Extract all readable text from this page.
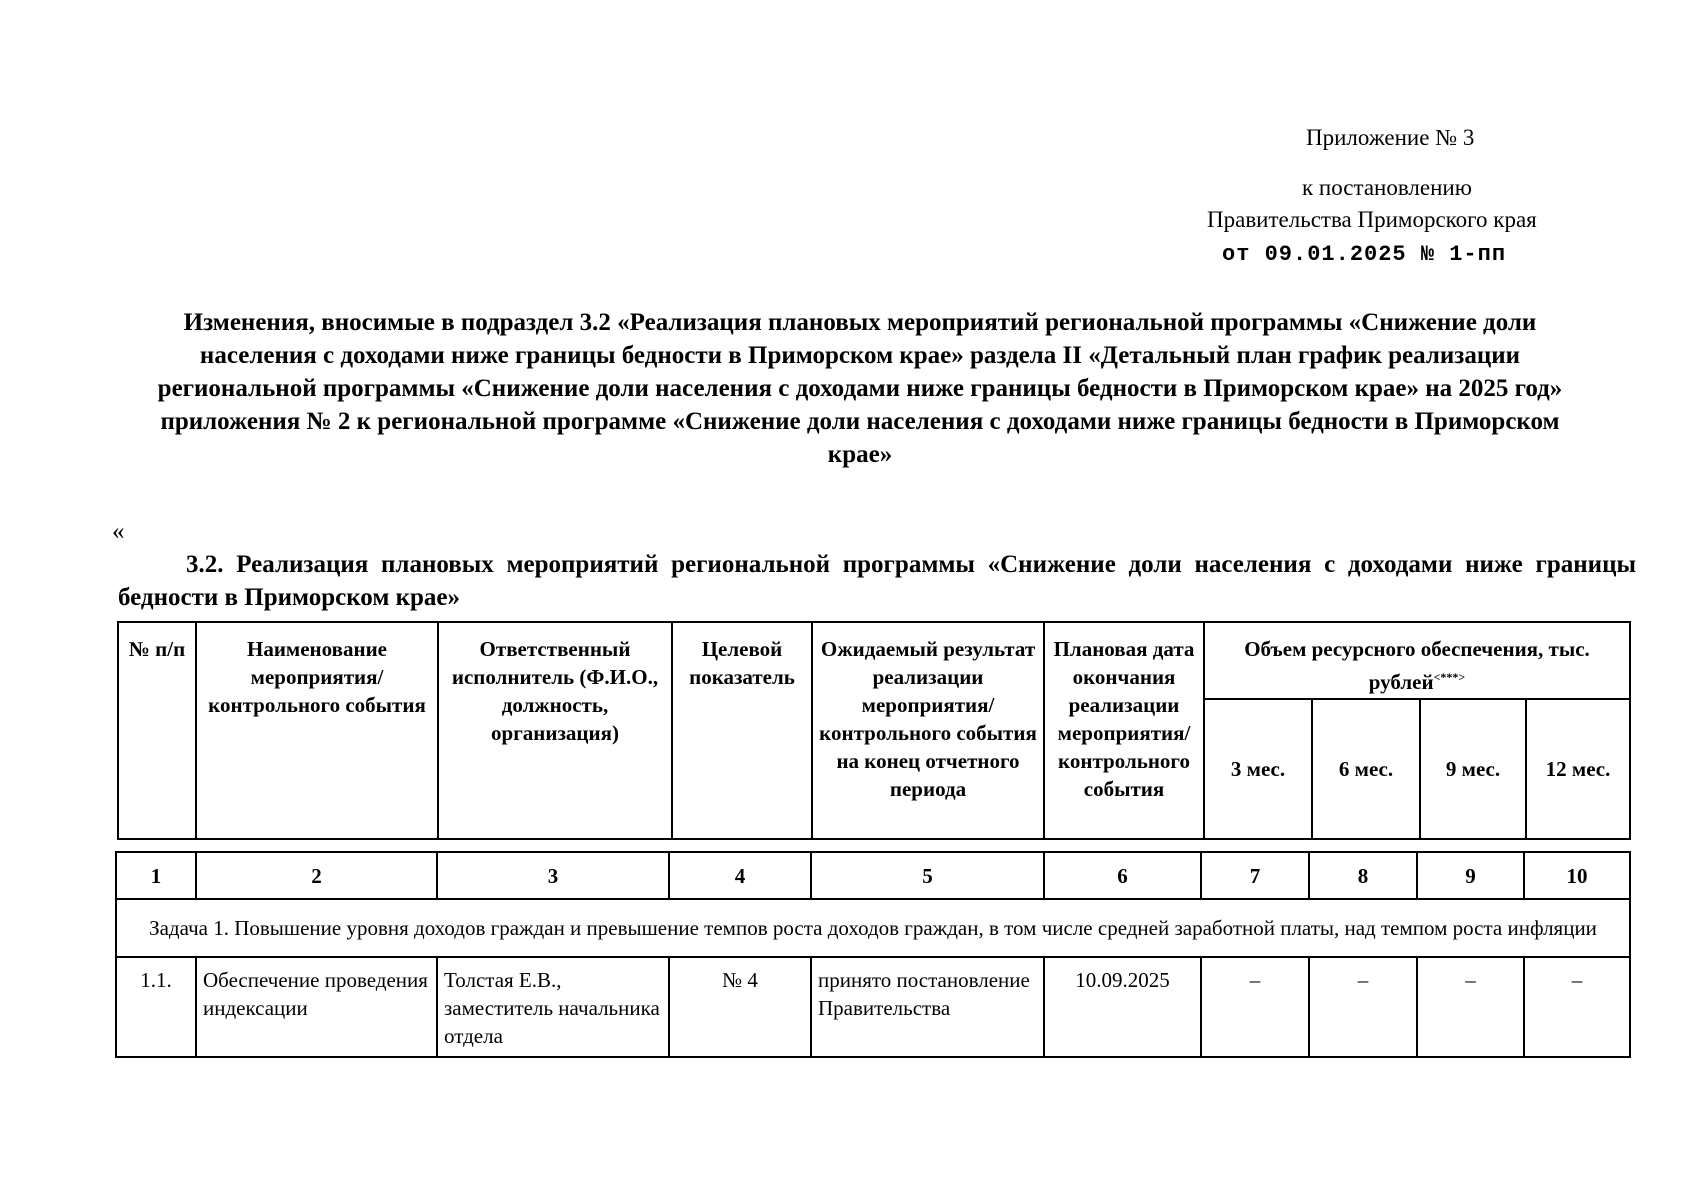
Приложение № 3
к постановлению
Правительства Приморского края
от 09.01.2025 № 1-пп
Изменения, вносимые в подраздел 3.2 «Реализация плановых мероприятий региональной программы «Снижение доли населения с доходами ниже границы бедности в Приморском крае» раздела II «Детальный план график реализации региональной программы «Снижение доли населения с доходами ниже границы бедности в Приморском крае» на 2025 год» приложения № 2 к региональной программе «Снижение доли населения с доходами ниже границы бедности в Приморском крае»
«
3.2. Реализация плановых мероприятий региональной программы «Снижение доли населения с доходами ниже границы бедности в Приморском крае»
№ п/п	Наименование мероприятия/ контрольного события	Ответственный исполнитель (Ф.И.О., должность, организация)	Целевой показатель	Ожидаемый результат реализации мероприятия/ контрольного события на конец отчетного периода	Плановая дата окончания реализации мероприятия/ контрольного события	Объем ресурсного обеспечения, тыс. рублей<***>
						3 мес.	6 мес.	9 мес.	12 мес.
1	2	3	4	5	6	7	8	9	10
Задача 1. Повышение уровня доходов граждан и превышение темпов роста доходов граждан, в том числе средней заработной платы, над темпом роста инфляции									
1.1.	Обеспечение проведения индексации	Толстая Е.В., заместитель начальника отдела	№ 4	принято постановление Правительства	10.09.2025	–	–	–	–
